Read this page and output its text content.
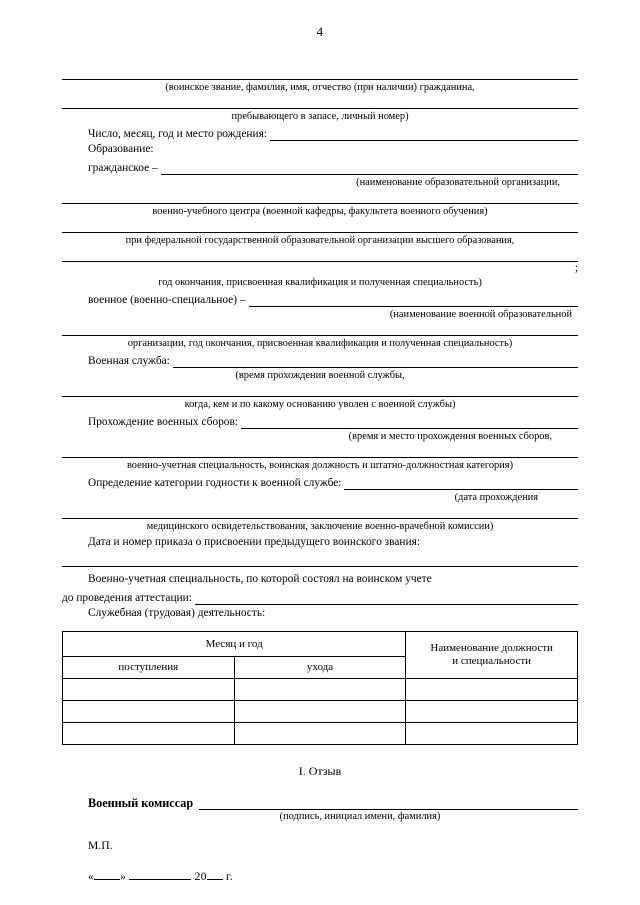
4
(воинское звание, фамилия, имя, отчество (при наличии) гражданина,
пребывающего в запасе, личный номер)
Число, месяц, год и место рождения:
Образование:
гражданское –
(наименование образовательной организации,
военно-учебного центра (военной кафедры, факультета военного обучения)
при федеральной государственной образовательной организации высшего образования,
;
год окончания, присвоенная квалификация и полученная специальность)
военное (военно-специальное) –
(наименование военной образовательной
организации, год окончания, присвоенная квалификация и полученная специальность)
Военная служба:
(время прохождения военной службы,
когда, кем и по какому основанию уволен с военной службы)
Прохождение военных сборов:
(время и место прохождения военных сборов,
военно-учетная специальность, воинская должность и штатно-должностная категория)
Определение категории годности к военной службе:
(дата прохождения
медицинского освидетельствования, заключение военно-врачебной комиссии)
Дата и номер приказа о присвоении предыдущего воинского звания:
Военно-учетная специальность, по которой состоял на воинском учете
до проведения аттестации:
Служебная (трудовая) деятельность:
Месяц и год		Наименование должности
и специальности
поступления	ухода	

I. Отзыв
Военный комиссар
(подпись, инициал имени, фамилия)
М.П.
« »	20 г.
